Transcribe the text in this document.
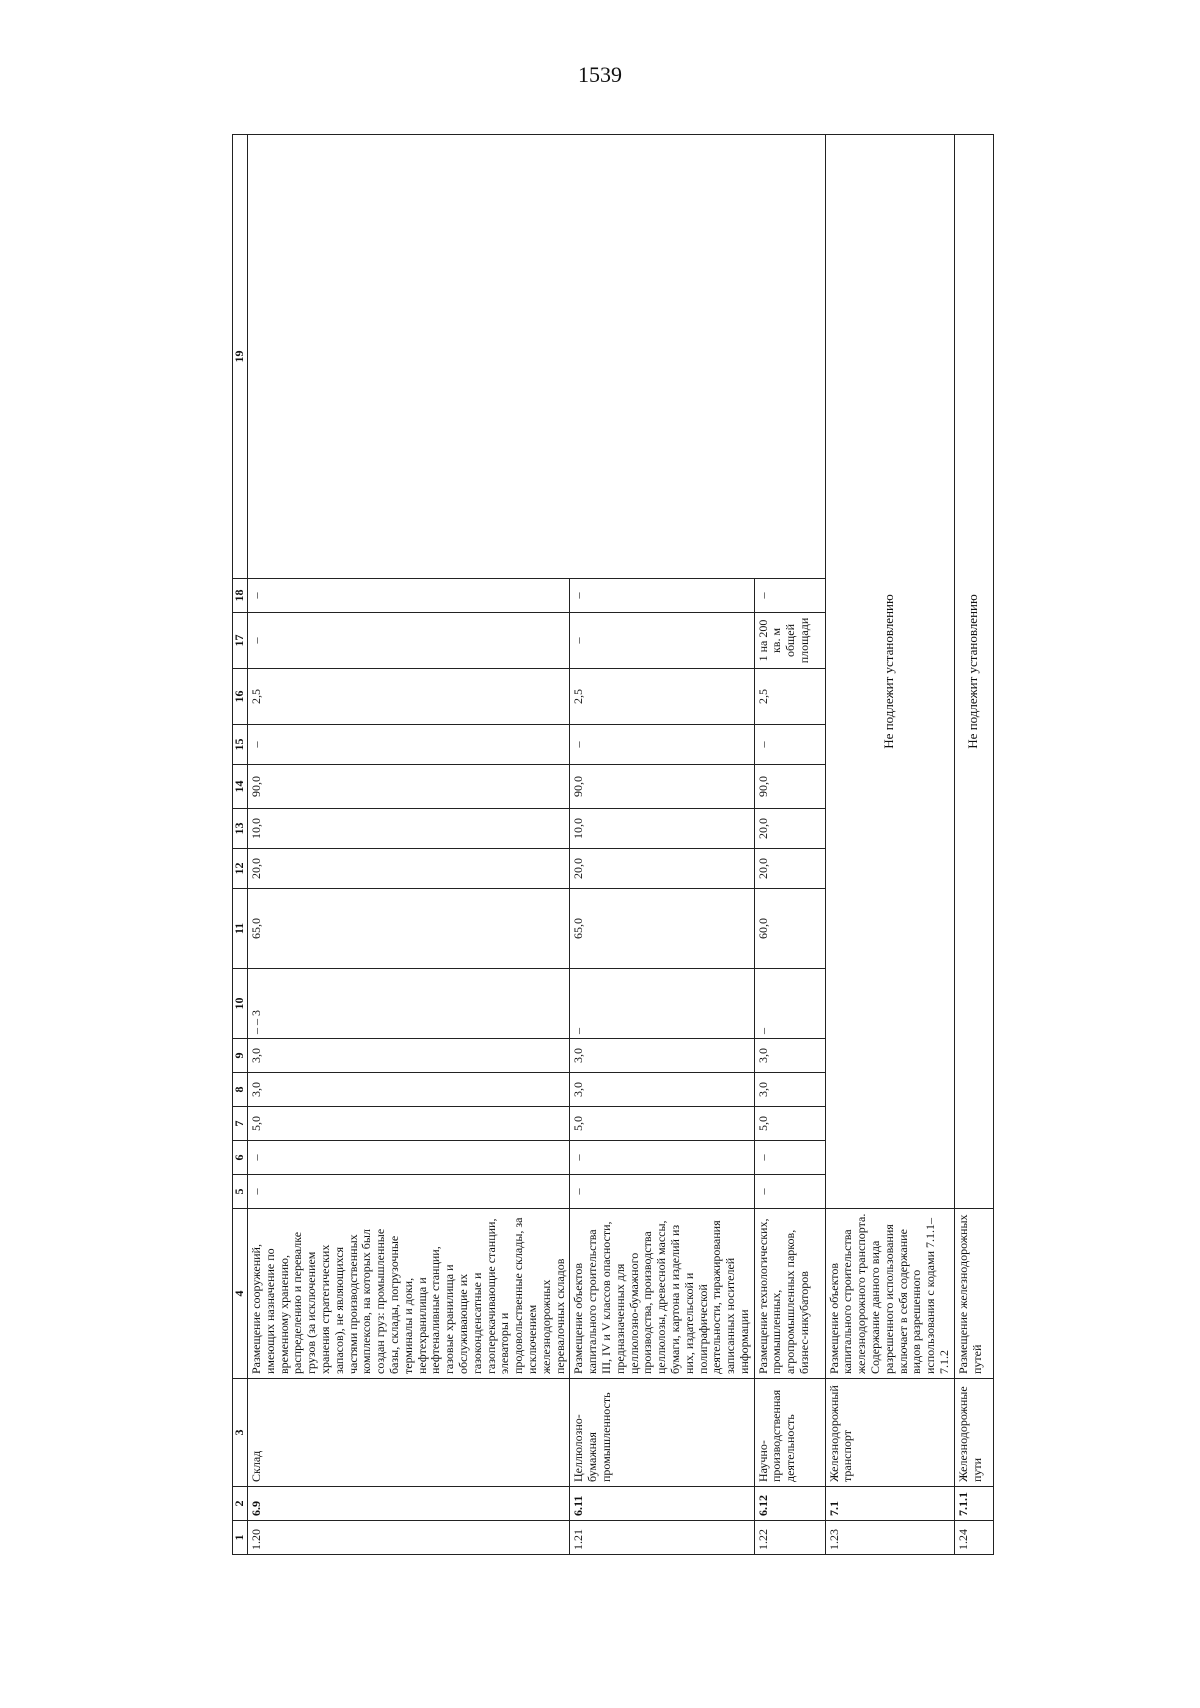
1539
1	2	3	4	5	6	7	8	9	10	11	12	13	14	15	16	17	18	19
1.20	6.9	Склад	Размещение сооружений, имеющих назначение по временному хранению, распределению и перевалке грузов (за исключением хранения стратегических запасов), не являющихся частями производственных комплексов, на которых был создан груз: промышленные базы, склады, погрузочные терминалы и доки, нефтехранилища и нефтеналивные станции, газовые хранилища и обслуживающие их газоконденсатные и газоперекачивающие станции, элеваторы и продовольственные склады, за исключением железнодорожных перевалочных складов	–	–	5,0	3,0	3,0	– – 3	65,0	20,0	10,0	90,0	–	2,5	–	–	
1.21	6.11	Целлюлозно-бумажная промышленность	Размещение объектов капитального строительства III, IV и V классов опасности, предназначенных для целлюлозно-бумажного производства, производства целлюлозы, древесной массы, бумаги, картона и изделий из них, издательской и полиграфической деятельности, тиражирования записанных носителей информации	–	–	5,0	3,0	3,0	–	65,0	20,0	10,0	90,0	–	2,5	–	–	
1.22	6.12	Научно-производственная деятельность	Размещение технологических, промышленных, агропромышленных парков, бизнес-инкубаторов	–	–	5,0	3,0	3,0	–	60,0	20,0	20,0	90,0	–	2,5	1 на 200 кв. м общей площади	–	
1.23	7.1	Железнодорожный транспорт	Размещение объектов капитального строительства железнодорожного транспорта. Содержание данного вида разрешенного использования включает в себя содержание видов разрешенного использования с кодами 7.1.1–7.1.2	Не подлежит установлению														
1.24	7.1.1	Железнодорожные пути	Размещение железнодорожных путей	Не подлежит установлению														
